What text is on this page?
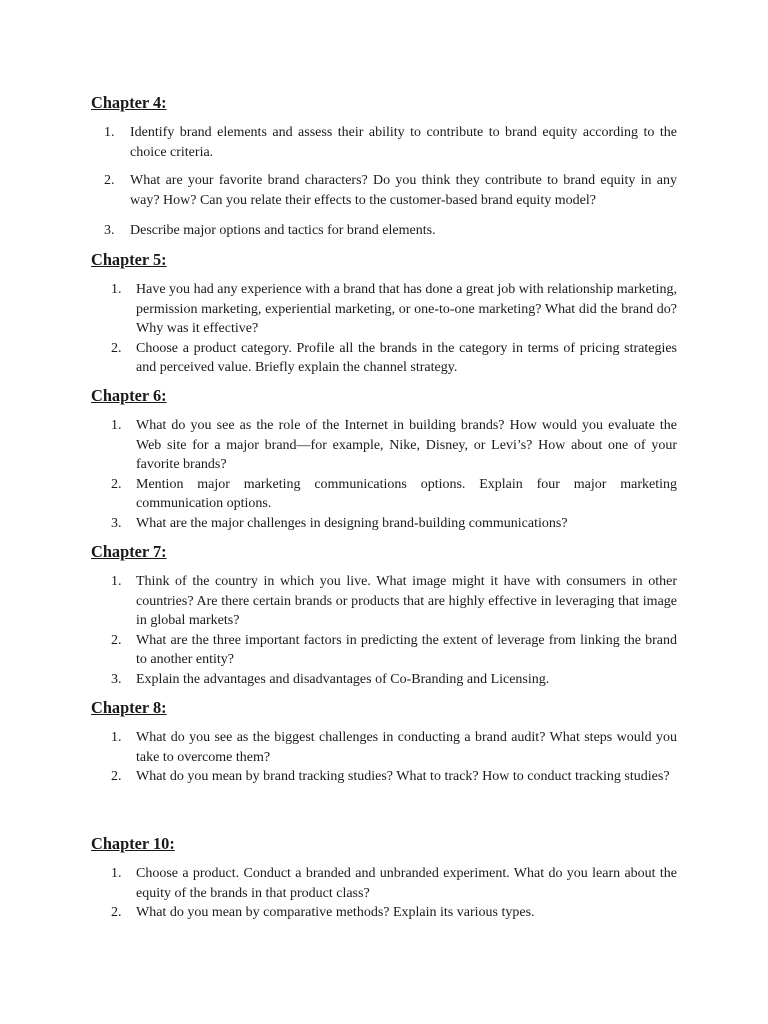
Chapter 4:
1. Identify brand elements and assess their ability to contribute to brand equity according to the choice criteria.
2. What are your favorite brand characters? Do you think they contribute to brand equity in any way? How? Can you relate their effects to the customer-based brand equity model?
3. Describe major options and tactics for brand elements.
Chapter 5:
1. Have you had any experience with a brand that has done a great job with relationship marketing, permission marketing, experiential marketing, or one-to-one marketing? What did the brand do? Why was it effective?
2. Choose a product category. Profile all the brands in the category in terms of pricing strategies and perceived value. Briefly explain the channel strategy.
Chapter 6:
1. What do you see as the role of the Internet in building brands? How would you evaluate the Web site for a major brand—for example, Nike, Disney, or Levi’s? How about one of your favorite brands?
2. Mention major marketing communications options. Explain four major marketing communication options.
3. What are the major challenges in designing brand-building communications?
Chapter 7:
1. Think of the country in which you live. What image might it have with consumers in other countries? Are there certain brands or products that are highly effective in leveraging that image in global markets?
2. What are the three important factors in predicting the extent of leverage from linking the brand to another entity?
3. Explain the advantages and disadvantages of Co-Branding and Licensing.
Chapter 8:
1. What do you see as the biggest challenges in conducting a brand audit? What steps would you take to overcome them?
2. What do you mean by brand tracking studies? What to track? How to conduct tracking studies?
Chapter 10:
1. Choose a product. Conduct a branded and unbranded experiment. What do you learn about the equity of the brands in that product class?
2. What do you mean by comparative methods? Explain its various types.
